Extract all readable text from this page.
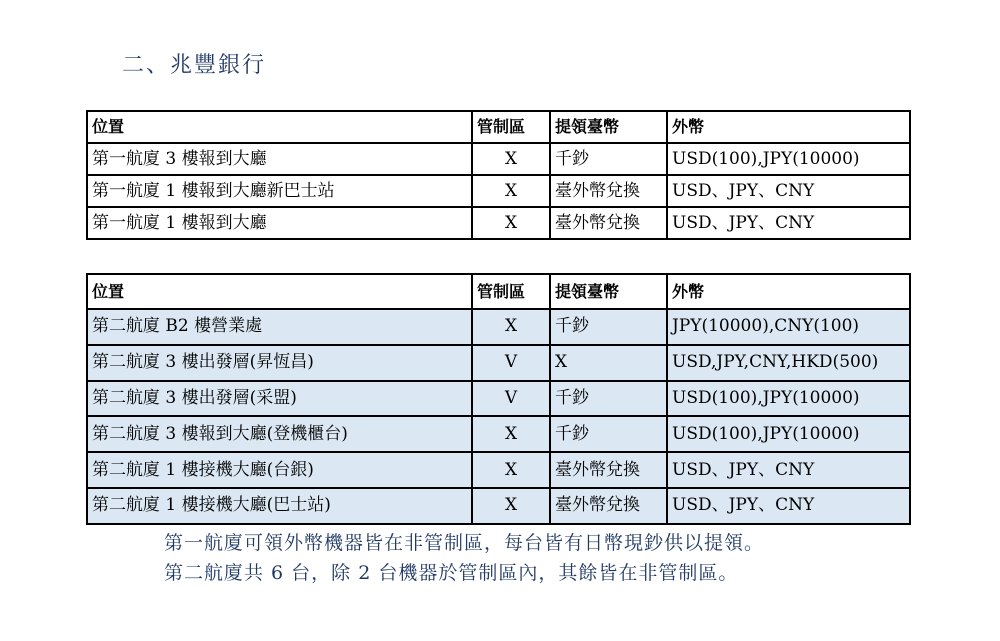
二、兆豐銀行
位置	管制區	提領臺幣	外幣
第一航廈 3 樓報到大廳	X	千鈔	USD(100),JPY(10000)
第一航廈 1 樓報到大廳新巴士站	X	臺外幣兌換	USD、JPY、CNY
第一航廈 1 樓報到大廳	X	臺外幣兌換	USD、JPY、CNY
位置	管制區	提領臺幣	外幣
第二航廈 B2 樓營業處	X	千鈔	JPY(10000),CNY(100)
第二航廈 3 樓出發層(昇恆昌)	V	X	USD,JPY,CNY,HKD(500)
第二航廈 3 樓出發層(采盟)	V	千鈔	USD(100),JPY(10000)
第二航廈 3 樓報到大廳(登機櫃台)	X	千鈔	USD(100),JPY(10000)
第二航廈 1 樓接機大廳(台銀)	X	臺外幣兌換	USD、JPY、CNY
第二航廈 1 樓接機大廳(巴士站)	X	臺外幣兌換	USD、JPY、CNY
第一航廈可領外幣機器皆在非管制區，每台皆有日幣現鈔供以提領。
第二航廈共 6 台，除 2 台機器於管制區內，其餘皆在非管制區。
